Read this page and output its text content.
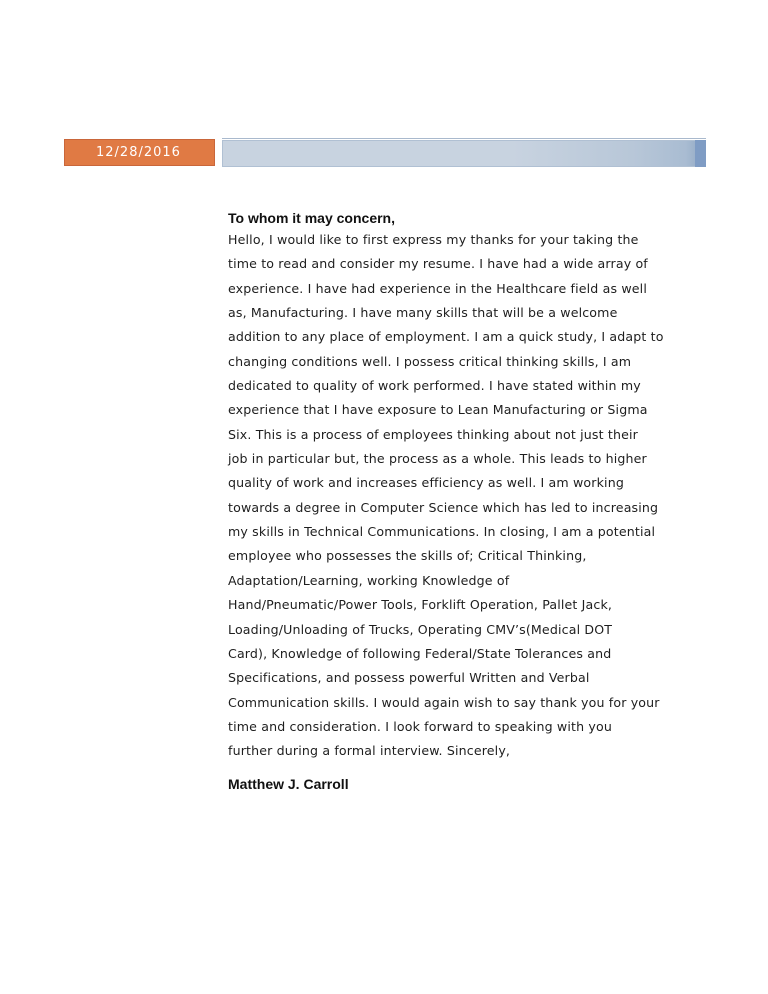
12/28/2016
To whom it may concern,
Hello, I would like to first express my thanks for your taking the
time to read and consider my resume. I have had a wide array of
experience. I have had experience in the Healthcare field as well
as, Manufacturing. I have many skills that will be a welcome
addition to any place of employment. I am a quick study, I adapt to
changing conditions well. I possess critical thinking skills, I am
dedicated to quality of work performed. I have stated within my
experience that I have exposure to Lean Manufacturing or Sigma
Six. This is a process of employees thinking about not just their
job in particular but, the process as a whole. This leads to higher
quality of work and increases efficiency as well. I am working
towards a degree in Computer Science which has led to increasing
my skills in Technical Communications. In closing, I am a potential
employee who possesses the skills of; Critical Thinking,
Adaptation/Learning, working Knowledge of
Hand/Pneumatic/Power Tools, Forklift Operation, Pallet Jack,
Loading/Unloading of Trucks, Operating CMV’s(Medical DOT
Card), Knowledge of following Federal/State Tolerances and
Specifications, and possess powerful Written and Verbal
Communication skills. I would again wish to say thank you for your
time and consideration. I look forward to speaking with you
further during a formal interview. Sincerely,
Matthew J. Carroll
